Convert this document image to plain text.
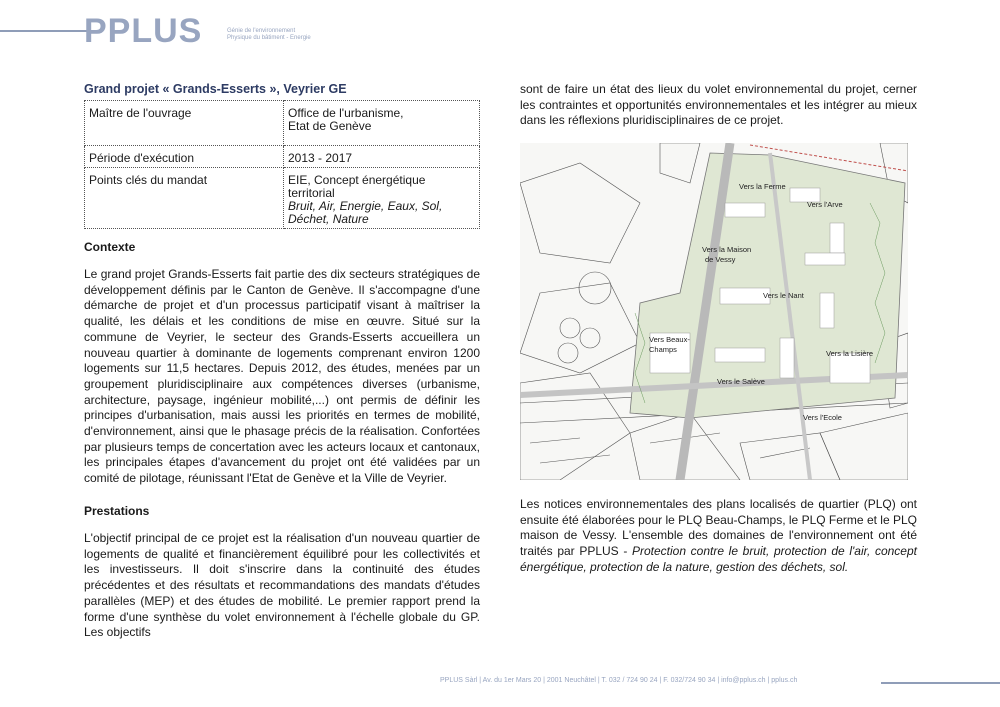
PPLUS	Génie de l'environnement
Physique du bâtiment - Energie
Grand projet « Grands-Esserts », Veyrier GE
Maître de l'ouvrage	Office de l'urbanisme,
Etat de Genève

Période d'exécution	2013 - 2017
Points clés du mandat	EIE, Concept énergétique territorial
Bruit, Air, Energie, Eaux, Sol, Déchet, Nature
Contexte

Le grand projet Grands-Esserts fait partie des dix secteurs stratégiques de développement définis par le Canton de Genève. Il s'accompagne d'une démarche de projet et d'un processus participatif visant à maîtriser la qualité, les délais et les conditions de mise en œuvre. Situé sur la commune de Veyrier, le secteur des Grands-Esserts accueillera un nouveau quartier à dominante de logements comprenant environ 1200 logements sur 11,5 hectares. Depuis 2012, des études, menées par un groupement pluridisciplinaire aux compétences diverses (urbanisme, architecture, paysage, ingénieur mobilité,...) ont permis de définir les principes d'urbanisation, mais aussi les priorités en termes de mobilité, d'environnement, ainsi que le phasage précis de la réalisation. Confortées par plusieurs temps de concertation avec les acteurs locaux et cantonaux, les principales étapes d'avancement du projet ont été validées par un comité de pilotage, réunissant l'Etat de Genève et la Ville de Veyrier.

Prestations

L'objectif principal de ce projet est la réalisation d'un nouveau quartier de logements de qualité et financièrement équilibré pour les collectivités et les investisseurs. Il doit s'inscrire dans la continuité des études précédentes et des résultats et recommandations des mandats d'études parallèles (MEP) et des études de mobilité. Le premier rapport prend la forme d'une synthèse du volet environnement à l'échelle globale du GP. Les objectifs

sont de faire un état des lieux du volet environnemental du projet, cerner les contraintes et opportunités environnementales et les intégrer au mieux dans les réflexions pluridisciplinaires de ce projet.

Vers la Ferme
Vers l'Arve
Vers la Maison
de Vessy
Vers le Nant
Vers Beaux-
Champs	Vers la Lisière
Vers le Salève
Vers l'Ecole

Les notices environnementales des plans localisés de quartier (PLQ) ont ensuite été élaborées pour le PLQ Beau-Champs, le PLQ Ferme et le PLQ maison de Vessy. L'ensemble des domaines de l'environnement ont été traités par PPLUS - Protection contre le bruit, protection de l'air, concept énergétique, protection de la nature, gestion des déchets, sol.

PPLUS Sàrl | Av. du 1er Mars 20 | 2001 Neuchâtel | T. 032 / 724 90 24 | F. 032/724 90 34 | info@pplus.ch | pplus.ch
